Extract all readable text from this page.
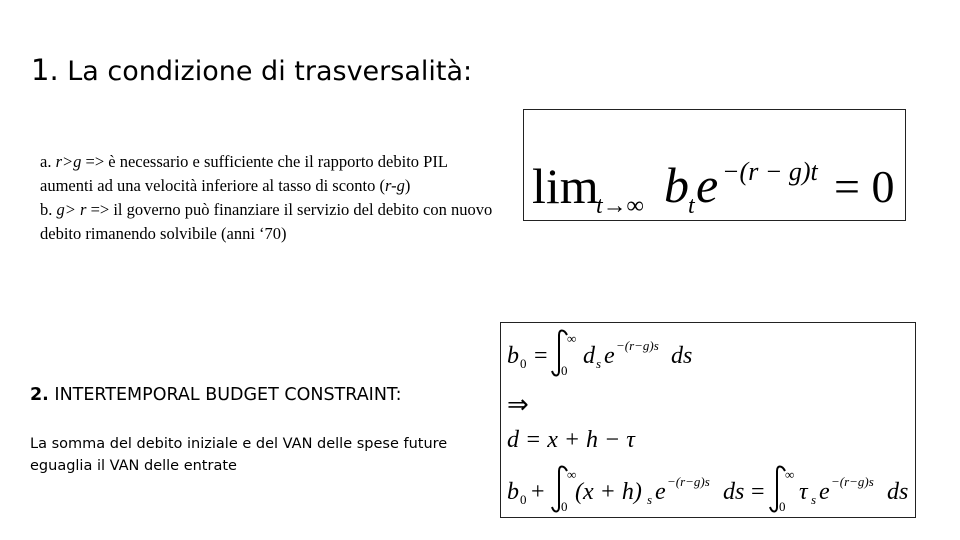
1. La condizione di trasversalità:
a. r>g => è necessario e sufficiente che il rapporto debito PIL aumenti ad una velocità inferiore al tasso di sconto (r-g)
b. g> r => il governo può finanziare il servizio del debito con nuovo debito rimanendo solvibile (anni ‘70)
lim
t→∞ b t e −(r − g)t = 0
2. INTERTEMPORAL BUDGET CONSTRAINT:
La somma del debito iniziale e del VAN delle spese future eguaglia il VAN delle entrate
b 0 =
∞
0
d s e −(r−g)s ds
⇒
d = x + h − τ
b 0 +
∞
0
(x + h) s e −(r−g)s ds =
∞
0
τ s e −(r−g)s ds
